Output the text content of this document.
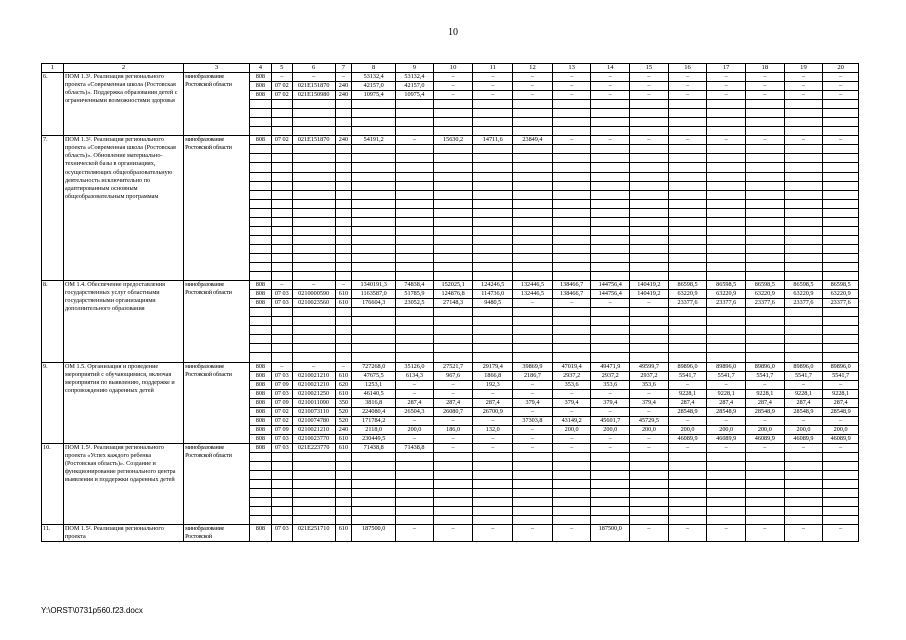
10
1	2	3	4	5	6	7	8	9	10	11	12	13	14	15	16	17	18	19	20
6.	ПОМ 1.3¹. Реализация регионального проекта «Современная школа (Ростовская область)». Поддержка образования детей с ограниченными возможностями здоровья	минобразование Ростовской области	808	–	–	–	53132,4	53132,4	–	–	–	–	–	–	–	–	–	–	–
			808	07 02	021E151870	240	42157,0	42157,0	–	–	–	–	–	–	–	–	–	–	–
			808	07 02	021E150980	240	10975,4	10975,4	–	–	–	–	–	–	–	–	–	–	–

7.	ПОМ 1.3². Реализация регионального проекта «Современная школа (Ростовская область)». Обновление материально-технической базы в организациях, осуществляющих общеобразовательную деятельность исключительно по адаптированным основным общеобразовательным программам	минобразование Ростовской области	808	07 02	021E151870	240	54191,2	–	15630,2	14711,6	23849,4	–	–	–	–	–	–	–	–

8.	ОМ 1.4. Обеспечение предоставления государственных услуг областными государственными организациями дополнительного образования	минобразование Ростовской области	808	–	–	–	1340191,3	74838,4	152025,1	124246,5	132446,5	138466,7	144756,4	140419,2	86598,5	86598,5	86598,5	86598,5	86598,5
			808	07 03	0210000590	610	1163587,0	51785,9	124876,8	114736,0	132446,5	138466,7	144756,4	140419,2	63220,9	63220,9	63220,9	63220,9	63220,9
			808	07 03	0210023560	610	176604,3	23052,5	27148,3	9480,5	–	–	–	–	23377,6	23377,6	23377,6	23377,6	23377,6

9.	ОМ 1.5. Организация и проведение мероприятий с обучающимися, включая мероприятия по выявлению, поддержке и сопровождению одаренных детей	минобразование Ростовской области	808	–	–	–	727268,0	35126,0	27521,7	29179,4	39869,9	47019,4	49471,9	49599,7	89896,0	89896,0	89896,0	89896,0	89896,0
			808	07 03	0210021210	610	47675,5	6134,3	967,6	1866,8	2186,7	2937,2	2937,2	2937,2	5541,7	5541,7	5541,7	5541,7	5541,7
			808	07 09	0210021210	620	1253,1	–	–	192,3	–	353,6	353,6	353,6	–	–	–	–	–
			808	07 03	0210021250	610	46140,5	–	–	–	–	–	–	–	9228,1	9228,1	9228,1	9228,1	9228,1
			808	07 09	0210011090	350	3816,8	287,4	287,4	287,4	379,4	379,4	379,4	379,4	287,4	287,4	287,4	287,4	287,4
			808	07 02	0210073110	520	224080,4	26504,3	26080,7	26700,9	–	–	–	–	28548,9	28548,9	28548,9	28548,9	28548,9
			808	07 02	0210074780	520	171784,2	–	–	–	37303,8	43149,2	45601,7	45729,5	–	–	–	–	–
			808	07 09	0210021210	240	2118,0	200,0	186,0	132,0	–	200,0	200,0	200,0	200,0	200,0	200,0	200,0	200,0
			808	07 03	0210023770	610	230449,5	–	–	–	–	–	–	–	46089,9	46089,9	46089,9	46089,9	46089,9
10.	ПОМ 1.5¹. Реализация регионального проекта «Успех каждого ребенка (Ростовская область)». Создание и функционирование регионального центра выявления и поддержки одаренных детей	минобразование Ростовской области	808	07 03	021E223770	610	71438,8	71438,8	–	–	–	–	–	–	–	–	–	–	–

11.	ПОМ 1.5². Реализация регионального проекта	минобразование Ростовской	808	07 03	021E251710	610	187500,0	–	–	–	–	–	187500,0	–	–	–	–	–	–
Y:\ORST\0731p560.f23.docx
